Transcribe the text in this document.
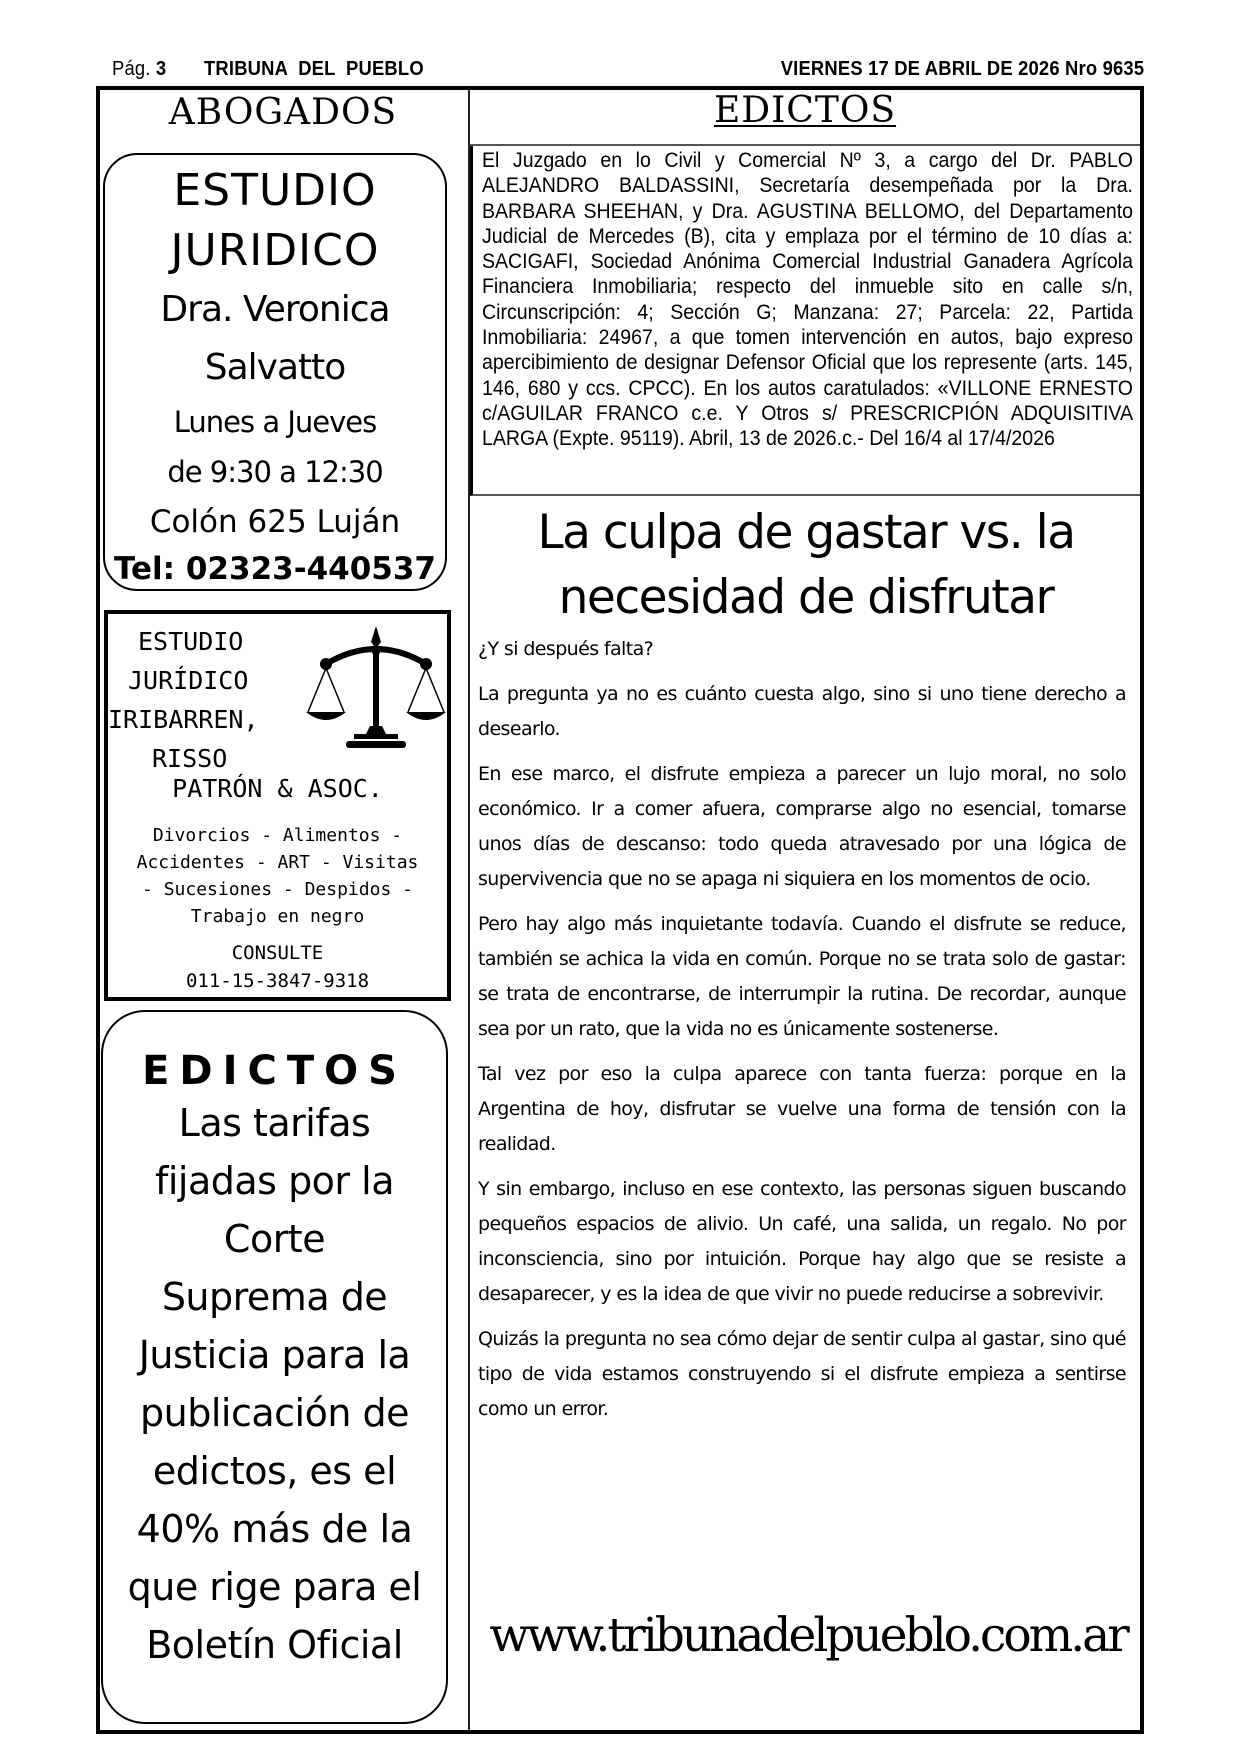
Pág. 3 TRIBUNA DEL PUEBLO	VIERNES 17 DE ABRIL DE 2026 Nro 9635
ABOGADOS
ESTUDIO
JURIDICO
Dra. Veronica
Salvatto
Lunes a Jueves
de 9:30 a 12:30
Colón 625 Luján
Tel: 02323-440537
ESTUDIO
JURÍDICO
IRIBARREN,
RISSO
PATRÓN & ASOC.
Divorcios - Alimentos -
Accidentes - ART - Visitas
- Sucesiones - Despidos -
Trabajo en negro
CONSULTE
011-15-3847-9318
EDICTOS
Las tarifas
fijadas por la
Corte
Suprema de
Justicia para la
publicación de
edictos, es el
40% más de la
que rige para el
Boletín Oficial
EDICTOS

El Juzgado en lo Civil y Comercial Nº 3, a cargo del Dr. PABLO ALEJANDRO BALDASSINI, Secretaría desempeñada por la Dra. BARBARA SHEEHAN, y Dra. AGUSTINA BELLOMO, del Departamento Judicial de Mercedes (B), cita y emplaza por el término de 10 días a: SACIGAFI, Sociedad Anónima Comercial Industrial Ganadera Agrícola Financiera Inmobiliaria; respecto del inmueble sito en calle s/n, Circunscripción: 4; Sección G; Manzana: 27; Parcela: 22, Partida Inmobiliaria: 24967, a que tomen intervención en autos, bajo expreso apercibimiento de designar Defensor Oficial que los represente (arts. 145, 146, 680 y ccs. CPCC). En los autos caratulados: «VILLONE ERNESTO c/AGUILAR FRANCO c.e. Y Otros s/ PRESCRICPIÓN ADQUISITIVA LARGA (Expte. 95119). Abril, 13 de 2026.c.- Del 16/4 al 17/4/2026

La culpa de gastar vs. la necesidad de disfrutar

¿Y si después falta?

La pregunta ya no es cuánto cuesta algo, sino si uno tiene derecho a desearlo.

En ese marco, el disfrute empieza a parecer un lujo moral, no solo económico. Ir a comer afuera, comprarse algo no esencial, tomarse unos días de descanso: todo queda atravesado por una lógica de supervivencia que no se apaga ni siquiera en los momentos de ocio.

Pero hay algo más inquietante todavía. Cuando el disfrute se reduce, también se achica la vida en común. Porque no se trata solo de gastar: se trata de encontrarse, de interrumpir la rutina. De recordar, aunque sea por un rato, que la vida no es únicamente sostenerse.

Tal vez por eso la culpa aparece con tanta fuerza: porque en la Argentina de hoy, disfrutar se vuelve una forma de tensión con la realidad.

Y sin embargo, incluso en ese contexto, las personas siguen buscando pequeños espacios de alivio. Un café, una salida, un regalo. No por inconsciencia, sino por intuición. Porque hay algo que se resiste a desaparecer, y es la idea de que vivir no puede reducirse a sobrevivir.

Quizás la pregunta no sea cómo dejar de sentir culpa al gastar, sino qué tipo de vida estamos construyendo si el disfrute empieza a sentirse como un error.

www.tribunadelpueblo.com.ar
